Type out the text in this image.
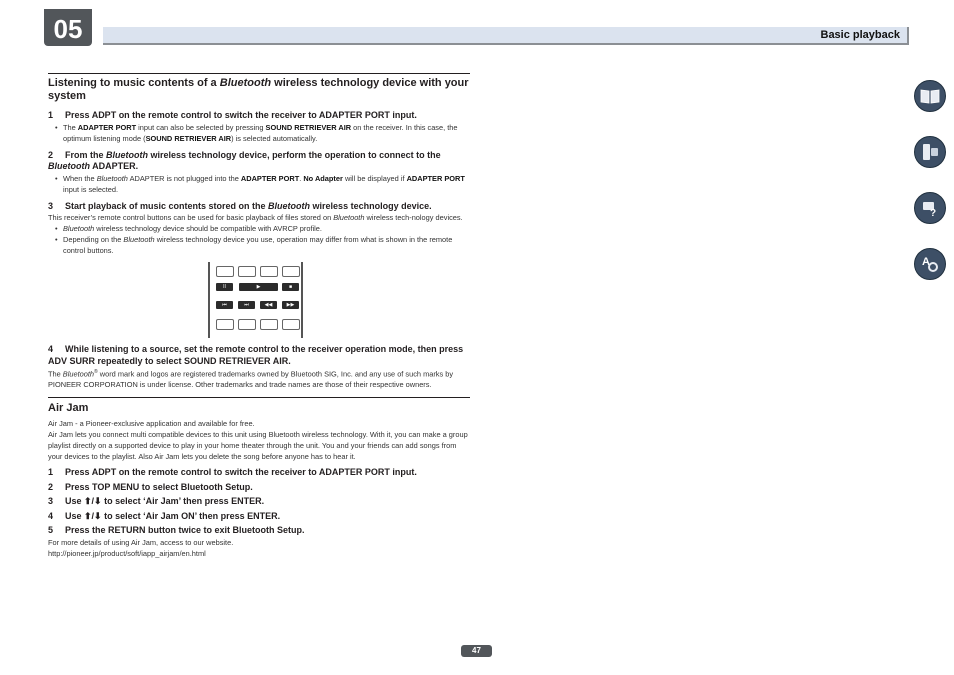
05	Basic playback
Listening to music contents of a Bluetooth wireless technology device with your system

1 Press ADPT on the remote control to switch the receiver to ADAPTER PORT input.

• The ADAPTER PORT input can also be selected by pressing SOUND RETRIEVER AIR on the receiver. In this case, the optimum listening mode (SOUND RETRIEVER AIR) is selected automatically.

2 From the Bluetooth wireless technology device, perform the operation to connect to the Bluetooth ADAPTER.

• When the Bluetooth ADAPTER is not plugged into the ADAPTER PORT. No Adapter will be displayed if ADAPTER PORT input is selected.

3 Start playback of music contents stored on the Bluetooth wireless technology device.

This receiver’s remote control buttons can be used for basic playback of files stored on Bluetooth wireless tech-nology devices.

• Bluetooth wireless technology device should be compatible with AVRCP profile.

• Depending on the Bluetooth wireless technology device you use, operation may differ from what is shown in the remote control buttons.

II	▶	■
⏮	⏭	◀◀	▶▶

4 While listening to a source, set the remote control to the receiver operation mode, then press ADV SURR repeatedly to select SOUND RETRIEVER AIR.

The Bluetooth® word mark and logos are registered trademarks owned by Bluetooth SIG, Inc. and any use of such marks by PIONEER CORPORATION is under license. Other trademarks and trade names are those of their respective owners.

Air Jam

Air Jam - a Pioneer-exclusive application and available for free.

Air Jam lets you connect multi compatible devices to this unit using Bluetooth wireless technology. With it, you can make a group playlist directly on a supported device to play in your home theater through the unit. You and your friends can add songs from your devices to the playlist. Also Air Jam lets you delete the song before anyone has to hear it.

1 Press ADPT on the remote control to switch the receiver to ADAPTER PORT input.

2 Press TOP MENU to select Bluetooth Setup.

3 Use ⬆/⬇ to select ‘Air Jam’ then press ENTER.

4 Use ⬆/⬇ to select ‘Air Jam ON’ then press ENTER.

5 Press the RETURN button twice to exit Bluetooth Setup.

For more details of using Air Jam, access to our website.

http://pioneer.jp/product/soft/iapp_airjam/en.html

?
A
47
